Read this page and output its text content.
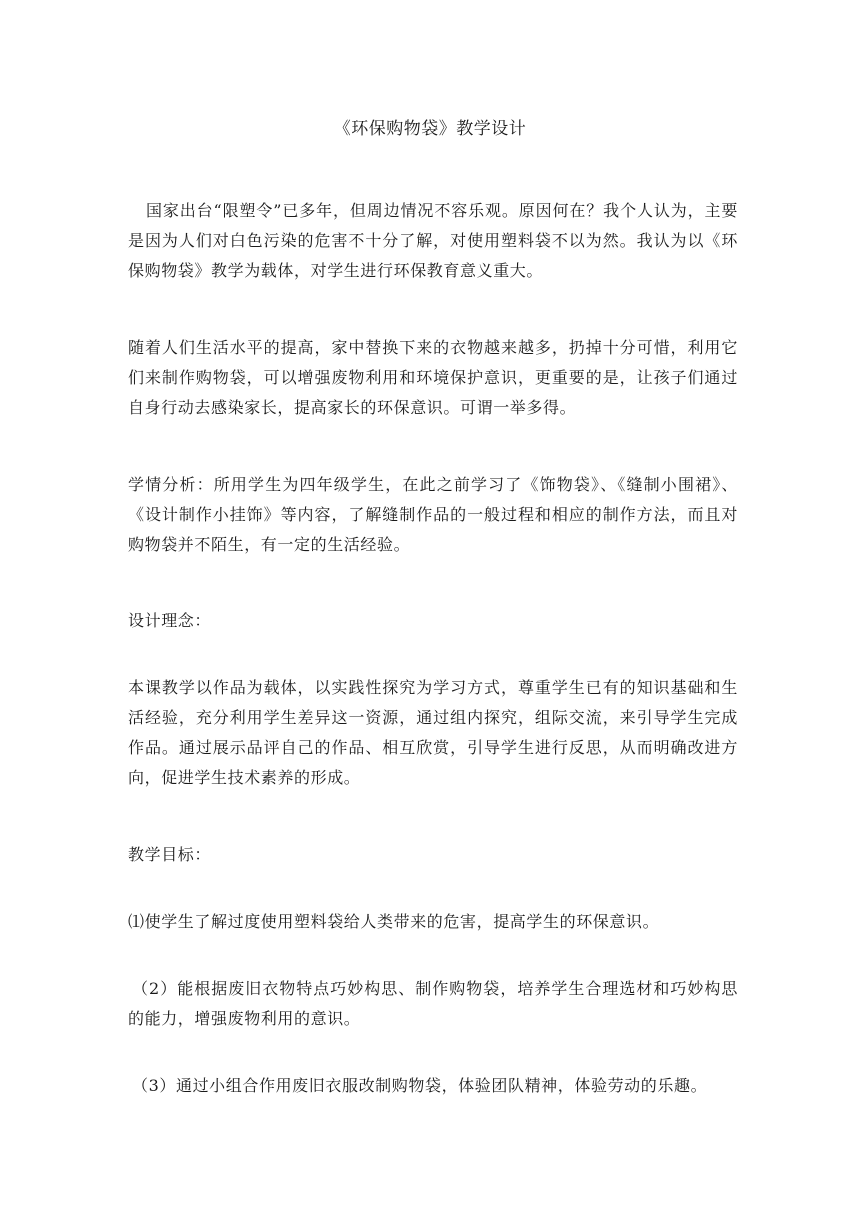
《环保购物袋》教学设计

国家出台“限塑令”已多年，但周边情况不容乐观。原因何在？我个人认为，主要是因为人们对白色污染的危害不十分了解，对使用塑料袋不以为然。我认为以《环保购物袋》教学为载体，对学生进行环保教育意义重大。

随着人们生活水平的提高，家中替换下来的衣物越来越多，扔掉十分可惜，利用它们来制作购物袋，可以增强废物利用和环境保护意识，更重要的是，让孩子们通过自身行动去感染家长，提高家长的环保意识。可谓一举多得。

学情分析：所用学生为四年级学生，在此之前学习了《饰物袋》、《缝制小围裙》、《设计制作小挂饰》等内容，了解缝制作品的一般过程和相应的制作方法，而且对购物袋并不陌生，有一定的生活经验。

设计理念：

本课教学以作品为载体，以实践性探究为学习方式，尊重学生已有的知识基础和生活经验，充分利用学生差异这一资源，通过组内探究，组际交流，来引导学生完成作品。通过展示品评自己的作品、相互欣赏，引导学生进行反思，从而明确改进方向，促进学生技术素养的形成。

教学目标：

⑴使学生了解过度使用塑料袋给人类带来的危害，提高学生的环保意识。

（2）能根据废旧衣物特点巧妙构思、制作购物袋，培养学生合理选材和巧妙构思的能力，增强废物利用的意识。

（3）通过小组合作用废旧衣服改制购物袋，体验团队精神，体验劳动的乐趣。
